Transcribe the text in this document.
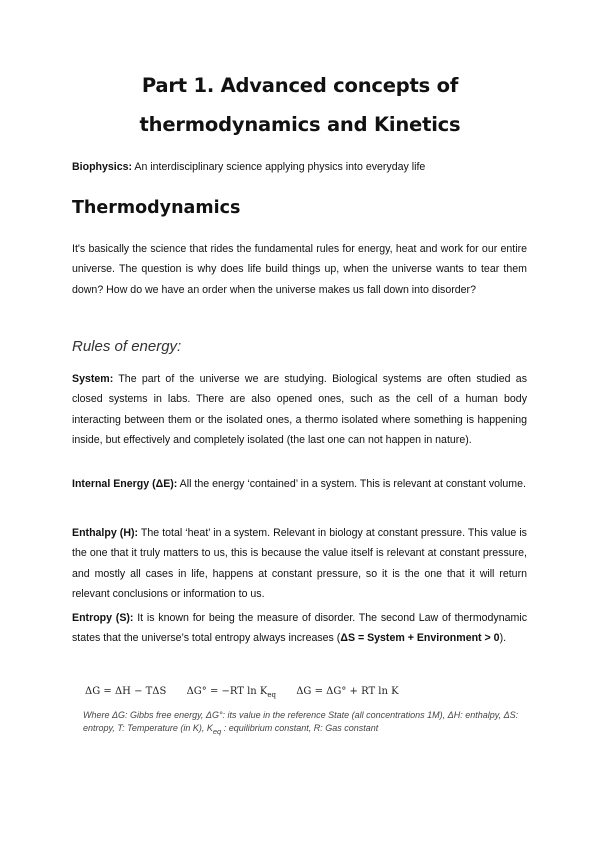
Part 1. Advanced concepts of
thermodynamics and Kinetics
Biophysics: An interdisciplinary science applying physics into everyday life
Thermodynamics
It's basically the science that rides the fundamental rules for energy, heat and work for our entire universe. The question is why does life build things up, when the universe wants to tear them down? How do we have an order when the universe makes us fall down into disorder?
Rules of energy:
System: The part of the universe we are studying. Biological systems are often studied as closed systems in labs. There are also opened ones, such as the cell of a human body interacting between them or the isolated ones, a thermo isolated where something is happening inside, but effectively and completely isolated (the last one can not happen in nature).
Internal Energy (ΔE): All the energy ‘contained’ in a system. This is relevant at constant volume.
Enthalpy (H): The total ‘heat’ in a system. Relevant in biology at constant pressure. This value is the one that it truly matters to us, this is because the value itself is relevant at constant pressure, and mostly all cases in life, happens at constant pressure, so it is the one that it will return relevant conclusions or information to us.
Entropy (S): It is known for being the measure of disorder. The second Law of thermodynamic states that the universe’s total entropy always increases (ΔS = System + Environment > 0).
ΔG = ΔH − TΔS ΔG° = −RT $\ln K_{eq}$ ΔG = ΔG° + RT ln K
Where ΔG: Gibbs free energy, ΔG°: its value in the reference State (all concentrations 1M), ΔH: enthalpy, ΔS: entropy, T: Temperature (in K), $K_{eq}$ : equilibrium constant, R: Gas constant
